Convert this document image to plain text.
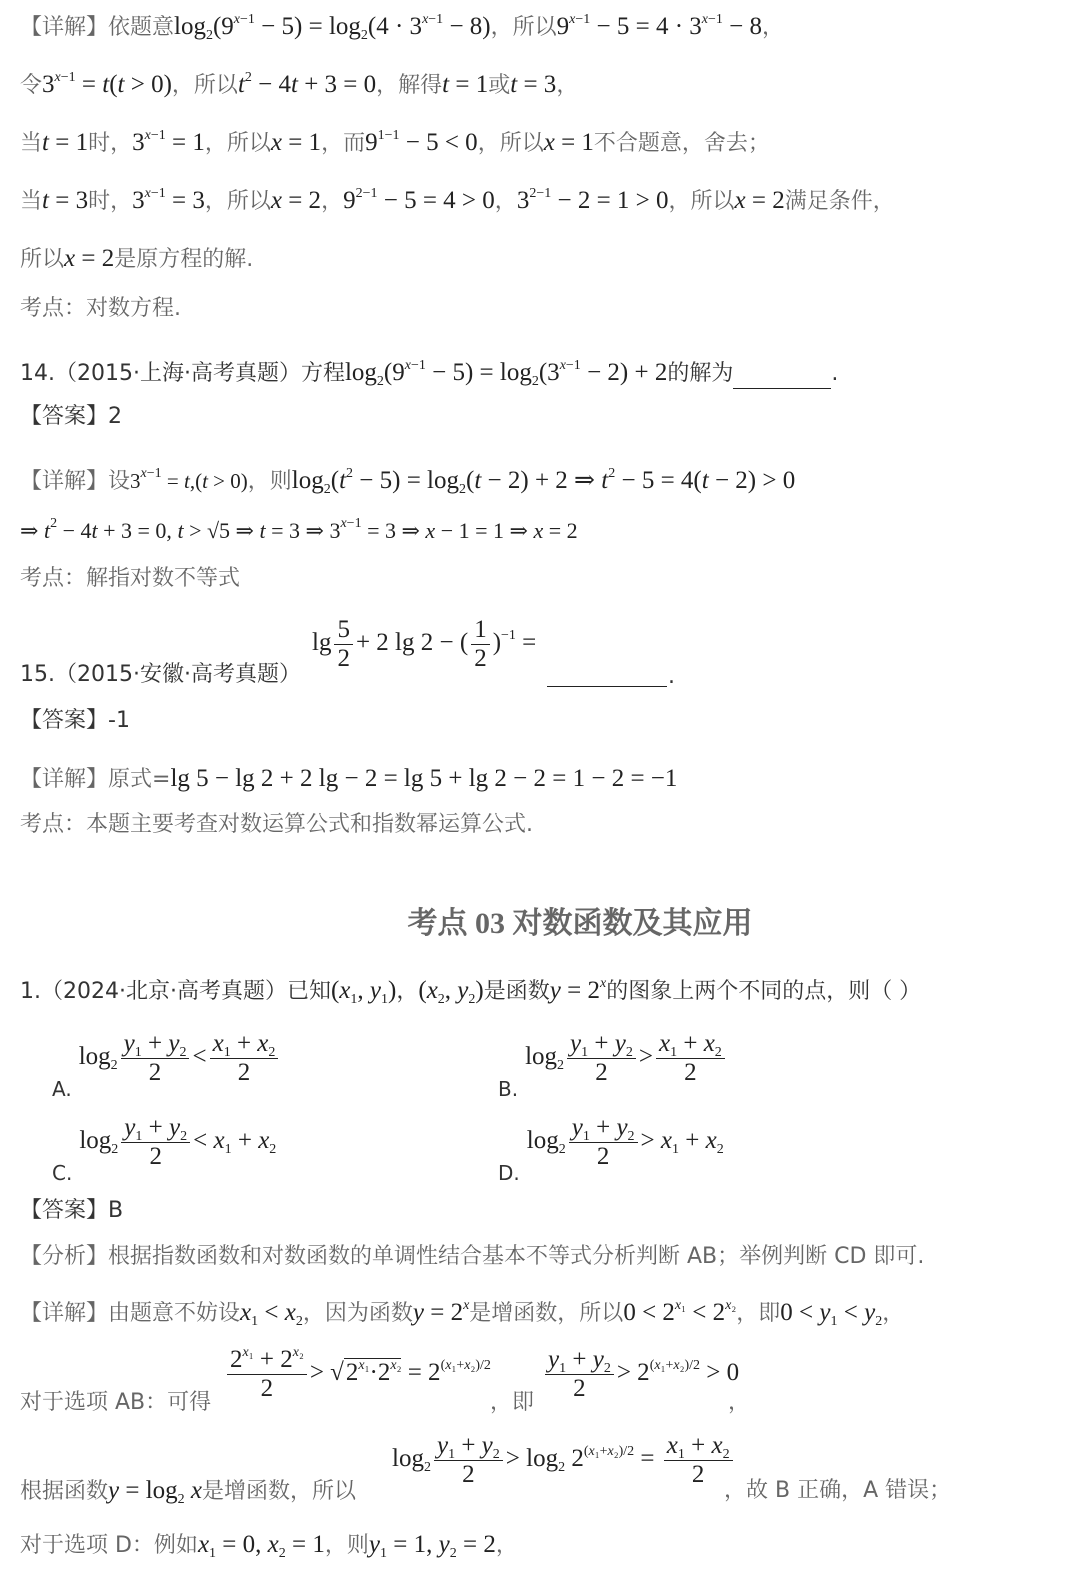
【详解】依题意$\log_2(9^{x-1} - 5) = \log_2(4 \cdot 3^{x-1} - 8)$，所以$9^{x-1} - 5 = 4 \cdot 3^{x-1} - 8$，
令$3^{x-1} = t(t > 0)$，所以$t^2 - 4t + 3 = 0$，解得t = 1或t = 3，
当t = 1时，$3^{x-1} = 1$，所以x = 1，而$9^{1-1} - 5 < 0$，所以x = 1不合题意，舍去；
当t = 3时，$3^{x-1} = 3$，所以x = 2，$9^{2-1} - 5 = 4 > 0$，$3^{2-1} - 2 = 1 > 0$，所以x = 2满足条件，
所以x = 2是原方程的解.
考点：对数方程.
14.（2015·上海·高考真题）方程$\log_2(9^{x-1} - 5) = \log_2(3^{x-1} - 2) + 2$的解为	.
【答案】2
【详解】设$3^{x-1} = t,(t > 0)$，则$\log_2(t^2 - 5) = \log_2(t - 2) + 2$ ⇒ $t^2 - 5 = 4(t - 2) > 0$
⇒ $t^2 - 4t + 3 = 0$, t > √5 ⇒ t = 3 ⇒ $3^{x-1} = 3$ ⇒ x − 1 = 1 ⇒ x = 2
考点：解指对数不等式
15.（2015·安徽·高考真题）
$\lg \frac{5}{2} + 2$ lg 2 − ( $\frac{1}{2} )^{-1}$ =
.
【答案】-1
【详解】原式=lg 5 − lg 2 + 2 lg − 2 = lg 5 + lg 2 − 2 = 1 − 2 = −1
考点：本题主要考查对数运算公式和指数幂运算公式.
考点 03 对数函数及其应用
1.（2024·北京·高考真题）已知($x_1$, $y_1$)，($x_2$, $y_2$)是函数$y = 2^x$的图象上两个不同的点，则（ ）
A. $\log_2 \frac{y_1 + y_2}{2} < \frac{x_1 + x_2}{2}$
B. $\log_2 \frac{y_1 + y_2}{2} > \frac{x_1 + x_2}{2}$
C. $\log_2 \frac{y_1 + y_2}{2} < x_1 + x_2$
D. $\log_2 \frac{y_1 + y_2}{2} > x_1 + x_2$
【答案】B
【分析】根据指数函数和对数函数的单调性结合基本不等式分析判断 AB；举例判断 CD 即可.
【详解】由题意不妨设$x_1 < x_2$，因为函数$y = 2^x$是增函数，所以$0 < 2^{x_1} < 2^{x_2}$，即$0 < y_1 < y_2$，
对于选项 AB：可得 $\frac{2^{x_1} + 2^{x_2}}{2} > √2^{x_1}\cdot 2^{x_2} = 2^{(x_1+x_2)/2}$
，即 $\frac{y_1 + y_2}{2} > 2^{(x_1+x_2)/2} > 0$
，
根据函数$y = \log_2 x$是增函数，所以
$\log_2 \frac{y_1 + y_2}{2} > \log_2 2^{(x_1+x_2)/2} = \frac{x_1 + x_2}{2}$
，故 B 正确，A 错误；
对于选项 D：例如$x_1 = 0$, $x_2 = 1$，则$y_1 = 1$, $y_2 = 2$，
